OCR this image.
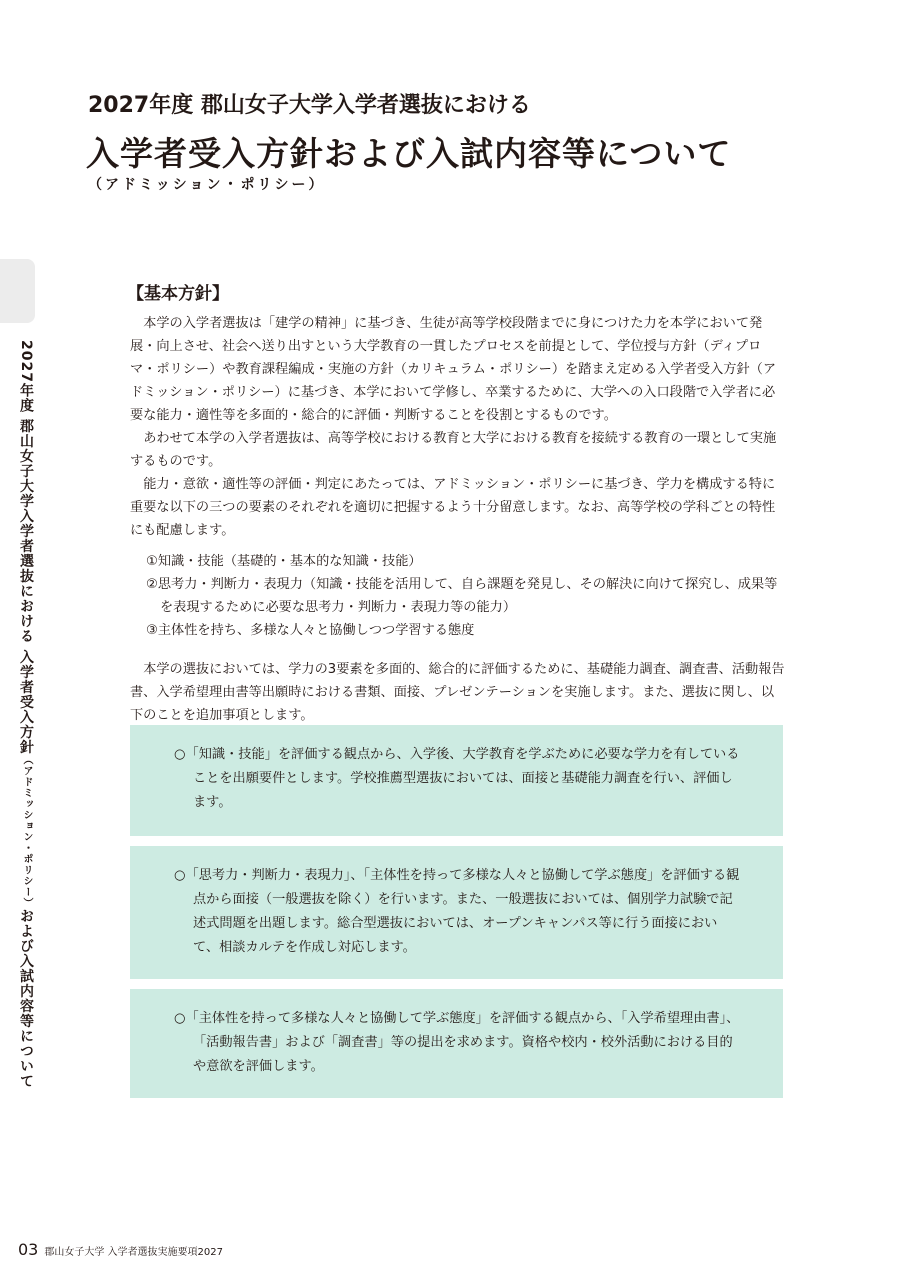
2027年度 郡山女子大学入学者選抜における 入学者受入方針（アドミッション・ポリシー）および入試内容等について
2027年度 郡山女子大学入学者選抜における
入学者受入方針および入試内容等について
（アドミッション・ポリシー）
【基本方針】

本学の入学者選抜は「建学の精神」に基づき、生徒が高等学校段階までに身につけた力を本学において発展・向上させ、社会へ送り出すという大学教育の一貫したプロセスを前提として、学位授与方針（ディプロマ・ポリシー）や教育課程編成・実施の方針（カリキュラム・ポリシー）を踏まえ定める入学者受入方針（アドミッション・ポリシー）に基づき、本学において学修し、卒業するために、大学への入口段階で入学者に必要な能力・適性等を多面的・総合的に評価・判断することを役割とするものです。

あわせて本学の入学者選抜は、高等学校における教育と大学における教育を接続する教育の一環として実施するものです。

能力・意欲・適性等の評価・判定にあたっては、アドミッション・ポリシーに基づき、学力を構成する特に重要な以下の三つの要素のそれぞれを適切に把握するよう十分留意します。なお、高等学校の学科ごとの特性にも配慮します。

①知識・技能（基礎的・基本的な知識・技能）
②思考力・判断力・表現力（知識・技能を活用して、自ら課題を発見し、その解決に向けて探究し、成果等を表現するために必要な思考力・判断力・表現力等の能力）
③主体性を持ち、多様な人々と協働しつつ学習する態度

本学の選抜においては、学力の3要素を多面的、総合的に評価するために、基礎能力調査、調査書、活動報告書、入学希望理由書等出願時における書類、面接、プレゼンテーションを実施します。また、選抜に関し、以下のことを追加事項とします。

○「知識・技能」を評価する観点から、入学後、大学教育を学ぶために必要な学力を有していることを出願要件とします。学校推薦型選抜においては、面接と基礎能力調査を行い、評価します。
○「思考力・判断力・表現力」、「主体性を持って多様な人々と協働して学ぶ態度」を評価する観点から面接（一般選抜を除く）を行います。また、一般選抜においては、個別学力試験で記述式問題を出題します。総合型選抜においては、オープンキャンパス等に行う面接において、相談カルテを作成し対応します。
○「主体性を持って多様な人々と協働して学ぶ態度」を評価する観点から、「入学希望理由書」、「活動報告書」および「調査書」等の提出を求めます。資格や校内・校外活動における目的や意欲を評価します。
03 郡山女子大学 入学者選抜実施要項2027
